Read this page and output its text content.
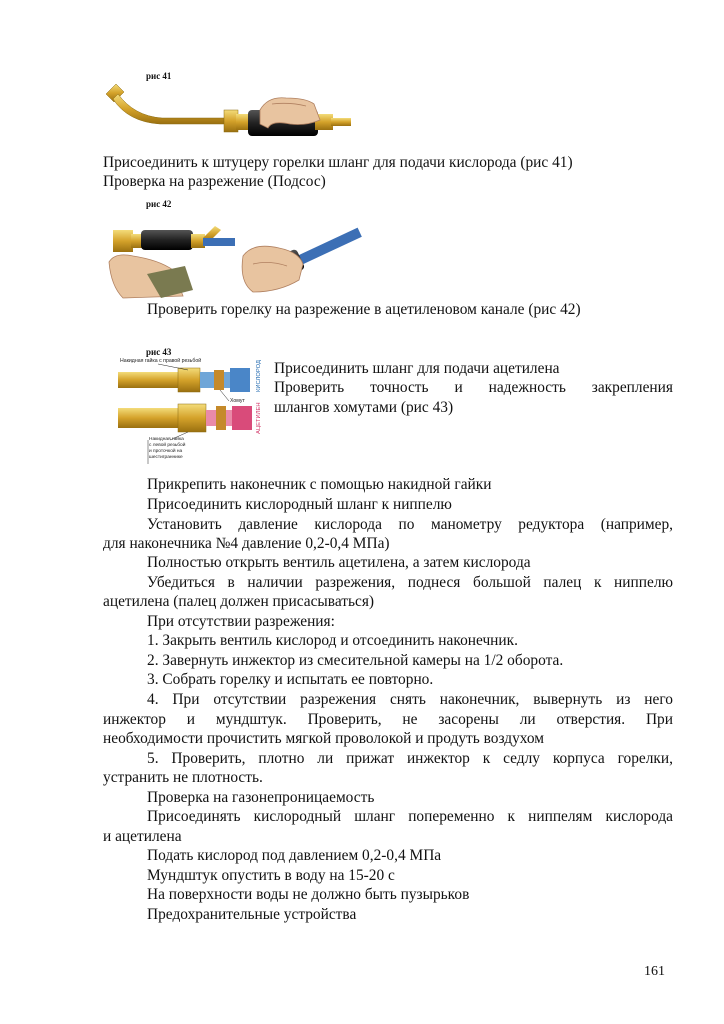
рис 41
Присоединить к штуцеру горелки шланг для подачи кислорода (рис 41)
Проверка на разрежение (Подсос)
рис 42
Проверить горелку на разрежение в ацетиленовом канале (рис 42)
рис 43
Накидная гайка с правой резьбой	КИСЛОРОД
Хомут
Накидная гайка
с левой резьбой
и проточкой на
шестиграннике
АЦЕТИЛЕН
Присоединить шланг для подачи ацетилена
Проверить точность и надежность закрепления
шлангов хомутами (рис 43)
Прикрепить наконечник с помощью накидной гайки
Присоединить кислородный шланг к ниппелю
Установить давление кислорода по манометру редуктора (например,
для наконечника №4 давление 0,2-0,4 МПа)
Полностью открыть вентиль ацетилена, а затем кислорода
Убедиться в наличии разрежения, поднеся большой палец к ниппелю
ацетилена (палец должен присасываться)
При отсутствии разрежения:
1. Закрыть вентиль кислород и отсоединить наконечник.
2. Завернуть инжектор из смесительной камеры на 1/2 оборота.
3. Собрать горелку и испытать ее повторно.
4. При отсутствии разрежения снять наконечник, вывернуть из него
инжектор и мундштук. Проверить, не засорены ли отверстия. При
необходимости прочистить мягкой проволокой и продуть воздухом
5. Проверить, плотно ли прижат инжектор к седлу корпуса горелки,
устранить не плотность.
Проверка на газонепроницаемость
Присоединять кислородный шланг попеременно к ниппелям кислорода
и ацетилена
Подать кислород под давлением 0,2-0,4 МПа
Мундштук опустить в воду на 15-20 с
На поверхности воды не должно быть пузырьков
Предохранительные устройства
161
